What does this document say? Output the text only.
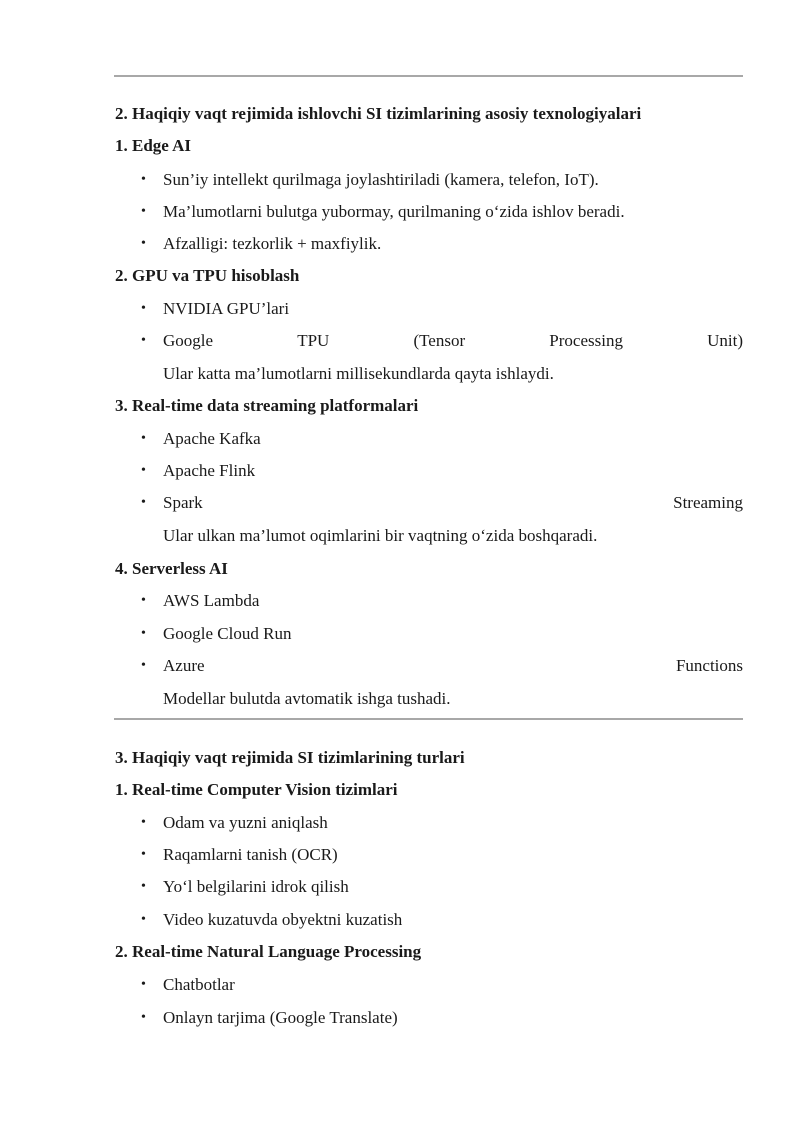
2. Haqiqiy vaqt rejimida ishlovchi SI tizimlarining asosiy texnologiyalari
1. Edge AI
• Sun’iy intellekt qurilmaga joylashtiriladi (kamera, telefon, IoT).
• Ma’lumotlarni bulutga yubormay, qurilmaning o‘zida ishlov beradi.
• Afzalligi: tezkorlik + maxfiylik.
2. GPU va TPU hisoblash
• NVIDIA GPU’lari
• Google	TPU	(Tensor	Processing	Unit)
Ular katta ma’lumotlarni millisekundlarda qayta ishlaydi.
3. Real-time data streaming platformalari
• Apache Kafka
• Apache Flink
• Spark	Streaming
Ular ulkan ma’lumot oqimlarini bir vaqtning o‘zida boshqaradi.
4. Serverless AI
• AWS Lambda
• Google Cloud Run
• Azure	Functions
Modellar bulutda avtomatik ishga tushadi.
3. Haqiqiy vaqt rejimida SI tizimlarining turlari
1. Real-time Computer Vision tizimlari
• Odam va yuzni aniqlash
• Raqamlarni tanish (OCR)
• Yo‘l belgilarini idrok qilish
• Video kuzatuvda obyektni kuzatish
2. Real-time Natural Language Processing
• Chatbotlar
• Onlayn tarjima (Google Translate)
